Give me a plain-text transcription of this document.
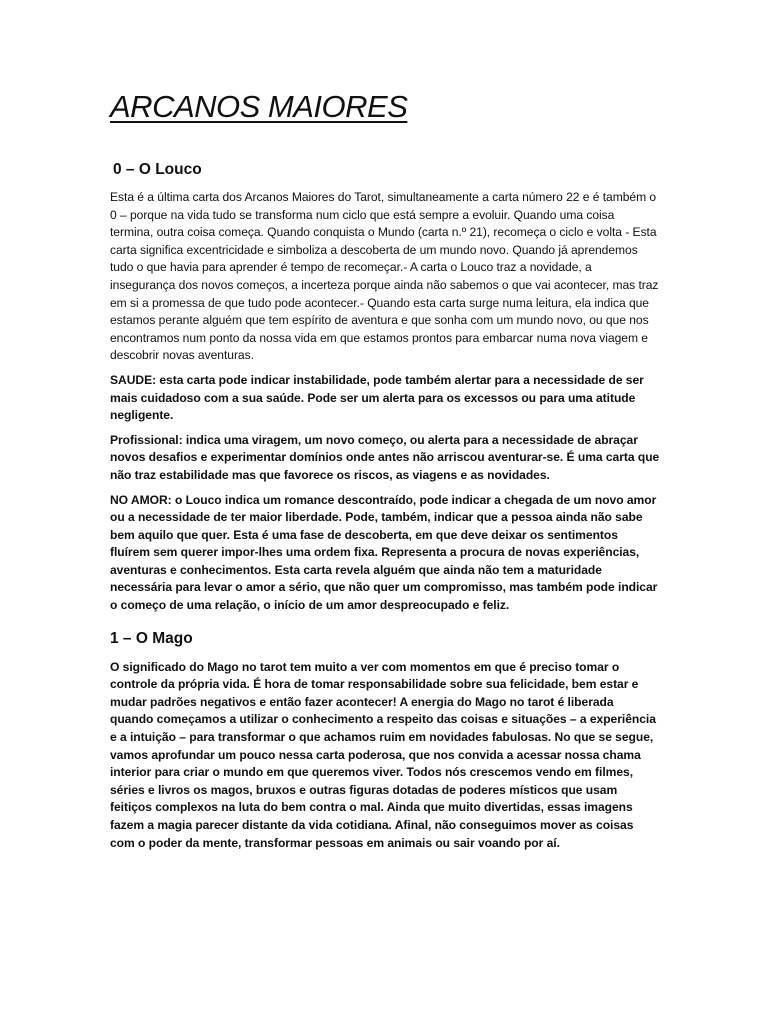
ARCANOS MAIORES
0 – O Louco

Esta é a última carta dos Arcanos Maiores do Tarot, simultaneamente a carta número 22 e é também o 0 – porque na vida tudo se transforma num ciclo que está sempre a evoluir. Quando uma coisa termina, outra coisa começa. Quando conquista o Mundo (carta n.º 21), recomeça o ciclo e volta - Esta carta significa excentricidade e simboliza a descoberta de um mundo novo. Quando já aprendemos tudo o que havia para aprender é tempo de recomeçar.- A carta o Louco traz a novidade, a insegurança dos novos começos, a incerteza porque ainda não sabemos o que vai acontecer, mas traz em si a promessa de que tudo pode acontecer.- Quando esta carta surge numa leitura, ela indica que estamos perante alguém que tem espírito de aventura e que sonha com um mundo novo, ou que nos encontramos num ponto da nossa vida em que estamos prontos para embarcar numa nova viagem e descobrir novas aventuras.

SAUDE: esta carta pode indicar instabilidade, pode também alertar para a necessidade de ser mais cuidadoso com a sua saúde. Pode ser um alerta para os excessos ou para uma atitude negligente.

Profissional: indica uma viragem, um novo começo, ou alerta para a necessidade de abraçar novos desafios e experimentar domínios onde antes não arriscou aventurar-se. É uma carta que não traz estabilidade mas que favorece os riscos, as viagens e as novidades.

NO AMOR: o Louco indica um romance descontraído, pode indicar a chegada de um novo amor ou a necessidade de ter maior liberdade. Pode, também, indicar que a pessoa ainda não sabe bem aquilo que quer. Esta é uma fase de descoberta, em que deve deixar os sentimentos fluírem sem querer impor-lhes uma ordem fixa. Representa a procura de novas experiências, aventuras e conhecimentos. Esta carta revela alguém que ainda não tem a maturidade necessária para levar o amor a sério, que não quer um compromisso, mas também pode indicar o começo de uma relação, o início de um amor despreocupado e feliz.

1 – O Mago

O significado do Mago no tarot tem muito a ver com momentos em que é preciso tomar o controle da própria vida. É hora de tomar responsabilidade sobre sua felicidade, bem estar e mudar padrões negativos e então fazer acontecer! A energia do Mago no tarot é liberada quando começamos a utilizar o conhecimento a respeito das coisas e situações – a experiência e a intuição – para transformar o que achamos ruim em novidades fabulosas. No que se segue, vamos aprofundar um pouco nessa carta poderosa, que nos convida a acessar nossa chama interior para criar o mundo em que queremos viver. Todos nós crescemos vendo em filmes, séries e livros os magos, bruxos e outras figuras dotadas de poderes místicos que usam feitiços complexos na luta do bem contra o mal. Ainda que muito divertidas, essas imagens fazem a magia parecer distante da vida cotidiana. Afinal, não conseguimos mover as coisas com o poder da mente, transformar pessoas em animais ou sair voando por aí.
